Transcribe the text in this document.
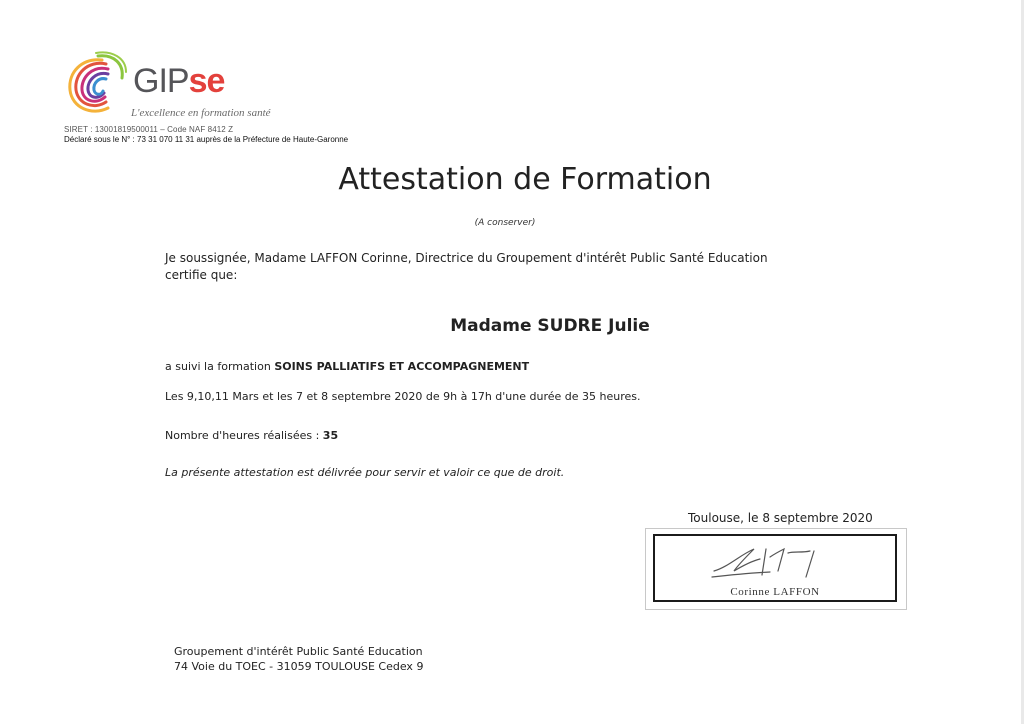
GIPse
L'excellence en formation santé
SIRET : 13001819500011 – Code NAF 8412 Z
Déclaré sous le N° : 73 31 070 11 31 auprès de la Préfecture de Haute-Garonne
Attestation de Formation
(A conserver)
Je soussignée, Madame LAFFON Corinne, Directrice du Groupement d'intérêt Public Santé Education
certifie que:
Madame SUDRE Julie
a suivi la formation SOINS PALLIATIFS ET ACCOMPAGNEMENT
Les 9,10,11 Mars et les 7 et 8 septembre 2020 de 9h à 17h d'une durée de 35 heures.
Nombre d'heures réalisées : 35
La présente attestation est délivrée pour servir et valoir ce que de droit.
Toulouse, le 8 septembre 2020
Corinne LAFFON
Groupement d'intérêt Public Santé Education
74 Voie du TOEC - 31059 TOULOUSE Cedex 9
